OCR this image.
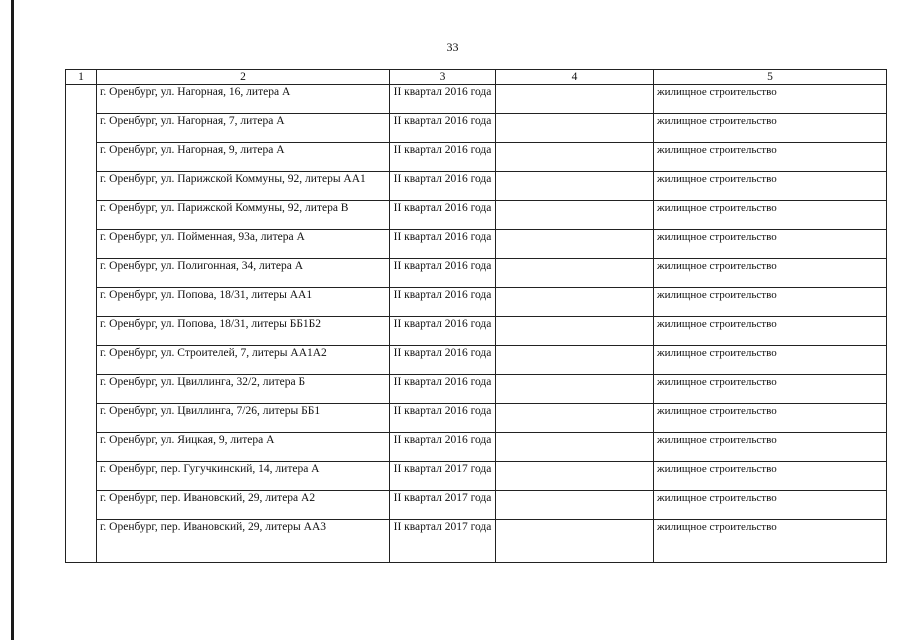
33
1	2	3	4	5
	г. Оренбург, ул. Нагорная, 16, литера А	II квартал 2016 года		жилищное строительство
	г. Оренбург, ул. Нагорная, 7, литера А	II квартал 2016 года		жилищное строительство
	г. Оренбург, ул. Нагорная, 9, литера А	II квартал 2016 года		жилищное строительство
	г. Оренбург, ул. Парижской Коммуны, 92, литеры АА1	II квартал 2016 года		жилищное строительство
	г. Оренбург, ул. Парижской Коммуны, 92, литера В	II квартал 2016 года		жилищное строительство
	г. Оренбург, ул. Пойменная, 93а, литера А	II квартал 2016 года		жилищное строительство
	г. Оренбург, ул. Полигонная, 34, литера А	II квартал 2016 года		жилищное строительство
	г. Оренбург, ул. Попова, 18/31, литеры АА1	II квартал 2016 года		жилищное строительство
	г. Оренбург, ул. Попова, 18/31, литеры ББ1Б2	II квартал 2016 года		жилищное строительство
	г. Оренбург, ул. Строителей, 7, литеры АА1А2	II квартал 2016 года		жилищное строительство
	г. Оренбург, ул. Цвиллинга, 32/2, литера Б	II квартал 2016 года		жилищное строительство
	г. Оренбург, ул. Цвиллинга, 7/26, литеры ББ1	II квартал 2016 года		жилищное строительство
	г. Оренбург, ул. Яицкая, 9, литера А	II квартал 2016 года		жилищное строительство
	г. Оренбург, пер. Гугучкинский, 14, литера А	II квартал 2017 года		жилищное строительство
	г. Оренбург, пер. Ивановский, 29, литера А2	II квартал 2017 года		жилищное строительство
	г. Оренбург, пер. Ивановский, 29, литеры АА3	II квартал 2017 года		жилищное строительство
